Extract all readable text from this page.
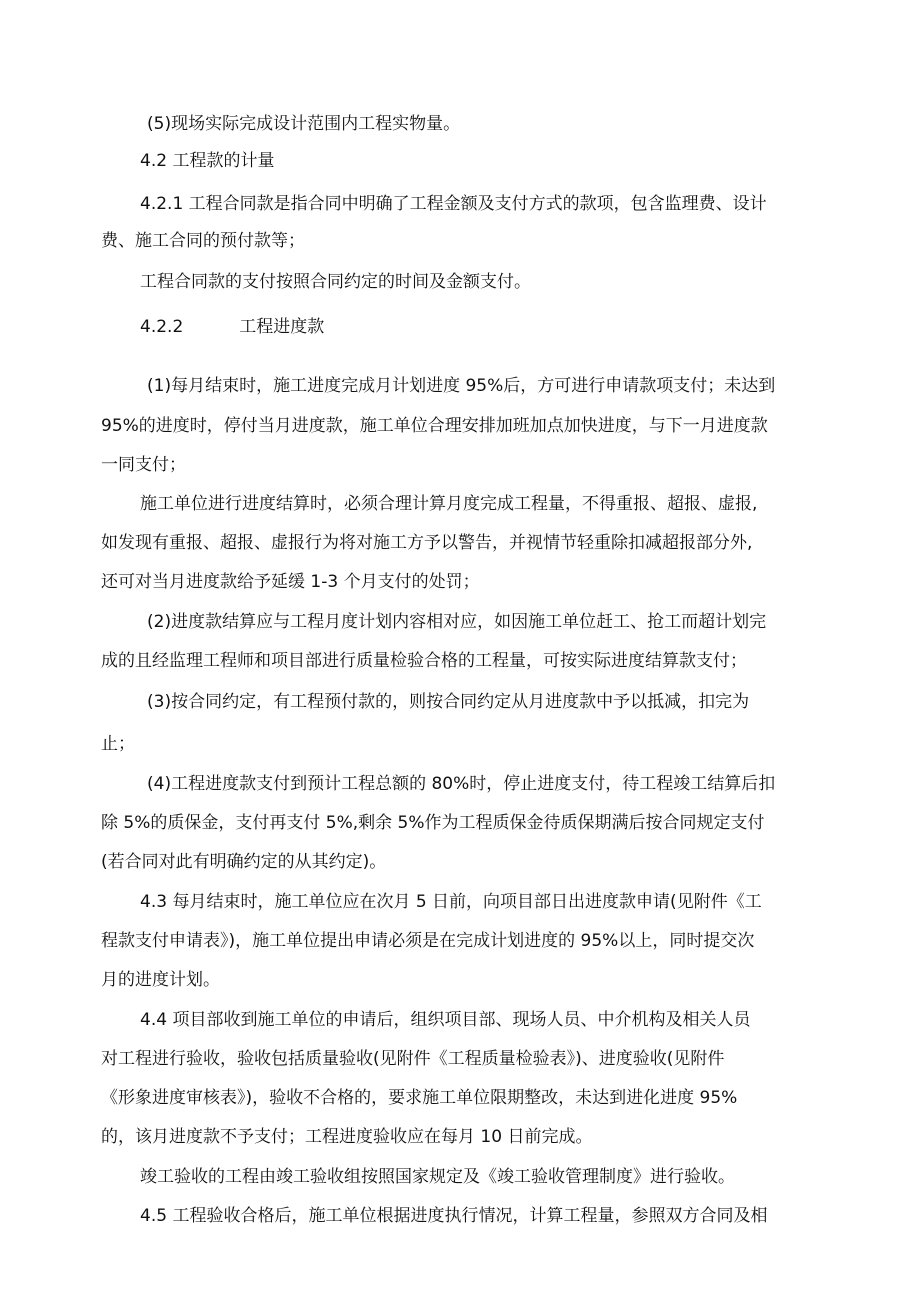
(5)现场实际完成设计范围内工程实物量。

4.2 工程款的计量

4.2.1 工程合同款是指合同中明确了工程金额及支付方式的款项，包含监理费、设计

费、施工合同的预付款等；

工程合同款的支付按照合同约定的时间及金额支付。

4.2.2	工程进度款

(1)每月结束时，施工进度完成月计划进度 95%后，方可进行申请款项支付；未达到

95%的进度时，停付当月进度款，施工单位合理安排加班加点加快进度，与下一月进度款

一同支付；

施工单位进行进度结算时，必须合理计算月度完成工程量，不得重报、超报、虚报,

如发现有重报、超报、虚报行为将对施工方予以警告，并视情节轻重除扣减超报部分外,

还可对当月进度款给予延缓 1-3 个月支付的处罚；

(2)进度款结算应与工程月度计划内容相对应，如因施工单位赶工、抢工而超计划完

成的且经监理工程师和项目部进行质量检验合格的工程量，可按实际进度结算款支付；

(3)按合同约定，有工程预付款的，则按合同约定从月进度款中予以抵减，扣完为

止；

(4)工程进度款支付到预计工程总额的 80%时，停止进度支付，待工程竣工结算后扣

除 5%的质保金，支付再支付 5%,剩余 5%作为工程质保金待质保期满后按合同规定支付

(若合同对此有明确约定的从其约定)。

4.3 每月结束时，施工单位应在次月 5 日前，向项目部日出进度款申请(见附件《工

程款支付申请表》)，施工单位提出申请必须是在完成计划进度的 95%以上，同时提交次

月的进度计划。

4.4 项目部收到施工单位的申请后，组织项目部、现场人员、中介机构及相关人员

对工程进行验收，验收包括质量验收(见附件《工程质量检验表》)、进度验收(见附件

《形象进度审核表》)，验收不合格的，要求施工单位限期整改，未达到进化进度 95%

的，该月进度款不予支付；工程进度验收应在每月 10 日前完成。

竣工验收的工程由竣工验收组按照国家规定及《竣工验收管理制度》进行验收。

4.5 工程验收合格后，施工单位根据进度执行情况，计算工程量，参照双方合同及相
